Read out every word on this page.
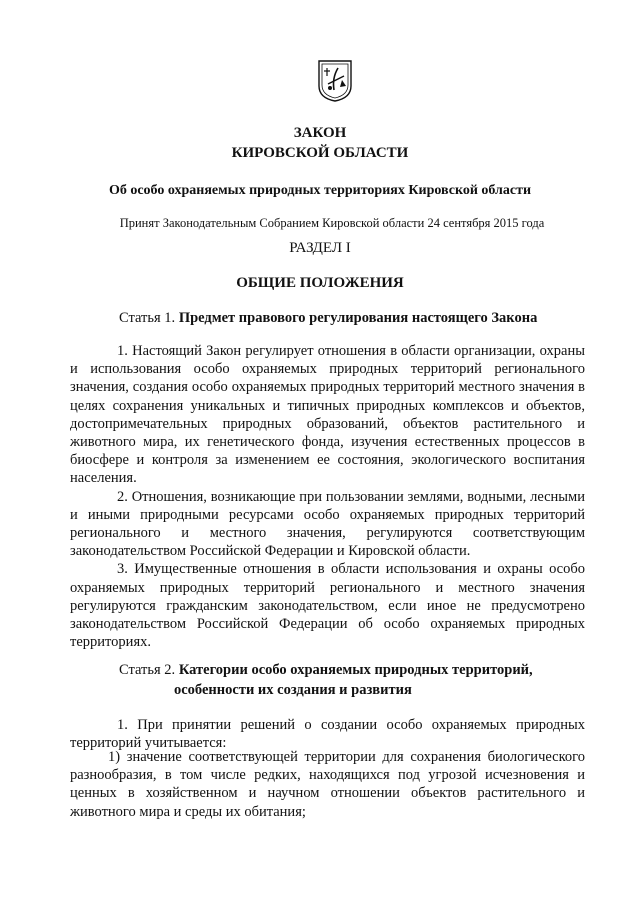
ЗАКОН
КИРОВСКОЙ ОБЛАСТИ
Об особо охраняемых природных территориях Кировской области
Принят Законодательным Собранием Кировской области 24 сентября 2015 года
РАЗДЕЛ I
ОБЩИЕ ПОЛОЖЕНИЯ
Статья 1. Предмет правового регулирования настоящего Закона

1. Настоящий Закон регулирует отношения в области организации, охраны и использования особо охраняемых природных территорий регионального значения, создания особо охраняемых природных территорий местного значения в целях сохранения уникальных и типичных природных комплексов и объектов, достопримечательных природных образований, объектов растительного и животного мира, их генетического фонда, изучения естественных процессов в биосфере и контроля за изменением ее состояния, экологического воспитания населения.

2. Отношения, возникающие при пользовании землями, водными, лесными и иными природными ресурсами особо охраняемых природных территорий регионального и местного значения, регулируются соответствующим законодательством Российской Федерации и Кировской области.

3. Имущественные отношения в области использования и охраны особо охраняемых природных территорий регионального и местного значения регулируются гражданским законодательством, если иное не предусмотрено законодательством Российской Федерации об особо охраняемых природных территориях.

Статья 2. Категории особо охраняемых природных территорий,
особенности их создания и развития

1. При принятии решений о создании особо охраняемых природных территорий учитывается:

1) значение соответствующей территории для сохранения биологического разнообразия, в том числе редких, находящихся под угрозой исчезновения и ценных в хозяйственном и научном отношении объектов растительного и животного мира и среды их обитания;
